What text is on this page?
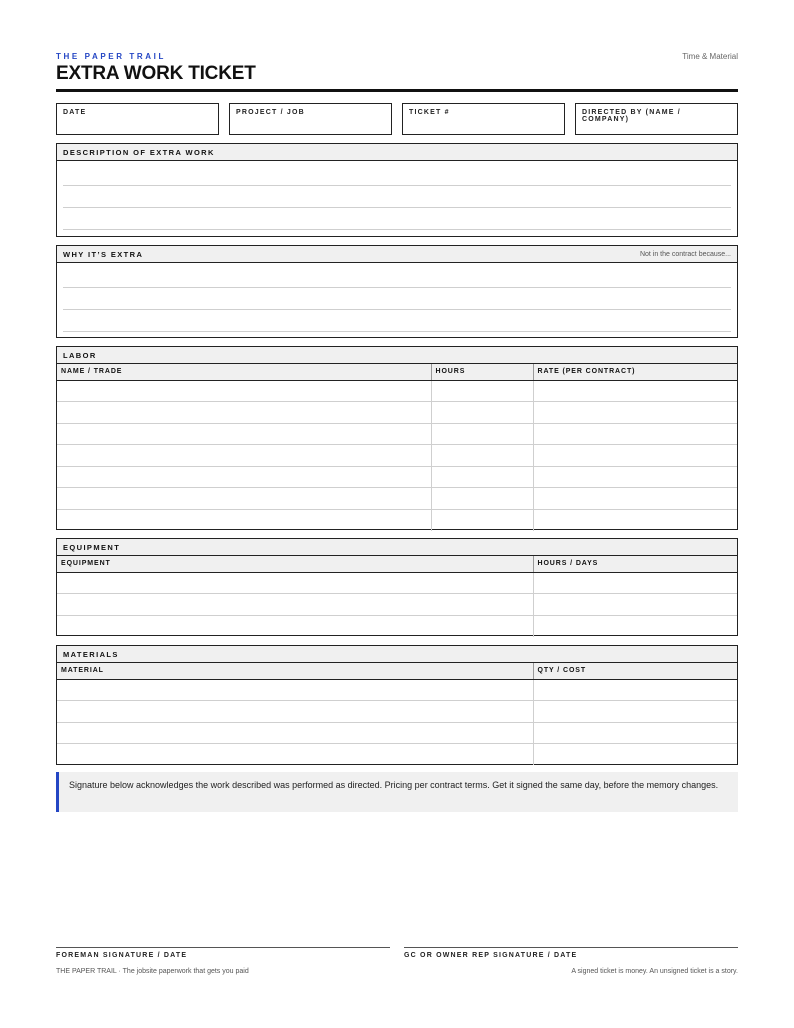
THE PAPER TRAIL
EXTRA WORK TICKET
Time & Material
DATE	PROJECT / JOB	TICKET #	DIRECTED BY (NAME / COMPANY)
DESCRIPTION OF EXTRA WORK
WHY IT’S EXTRA	Not in the contract because...
LABOR
NAME / TRADE	HOURS	RATE (PER CONTRACT)

EQUIPMENT
EQUIPMENT	HOURS / DAYS

MATERIALS
MATERIAL	QTY / COST

Signature below acknowledges the work described was performed as directed. Pricing per contract terms. Get it signed the same day, before the memory changes.
FOREMAN SIGNATURE / DATE	GC OR OWNER REP SIGNATURE / DATE
THE PAPER TRAIL · The jobsite paperwork that gets you paid	A signed ticket is money. An unsigned ticket is a story.
